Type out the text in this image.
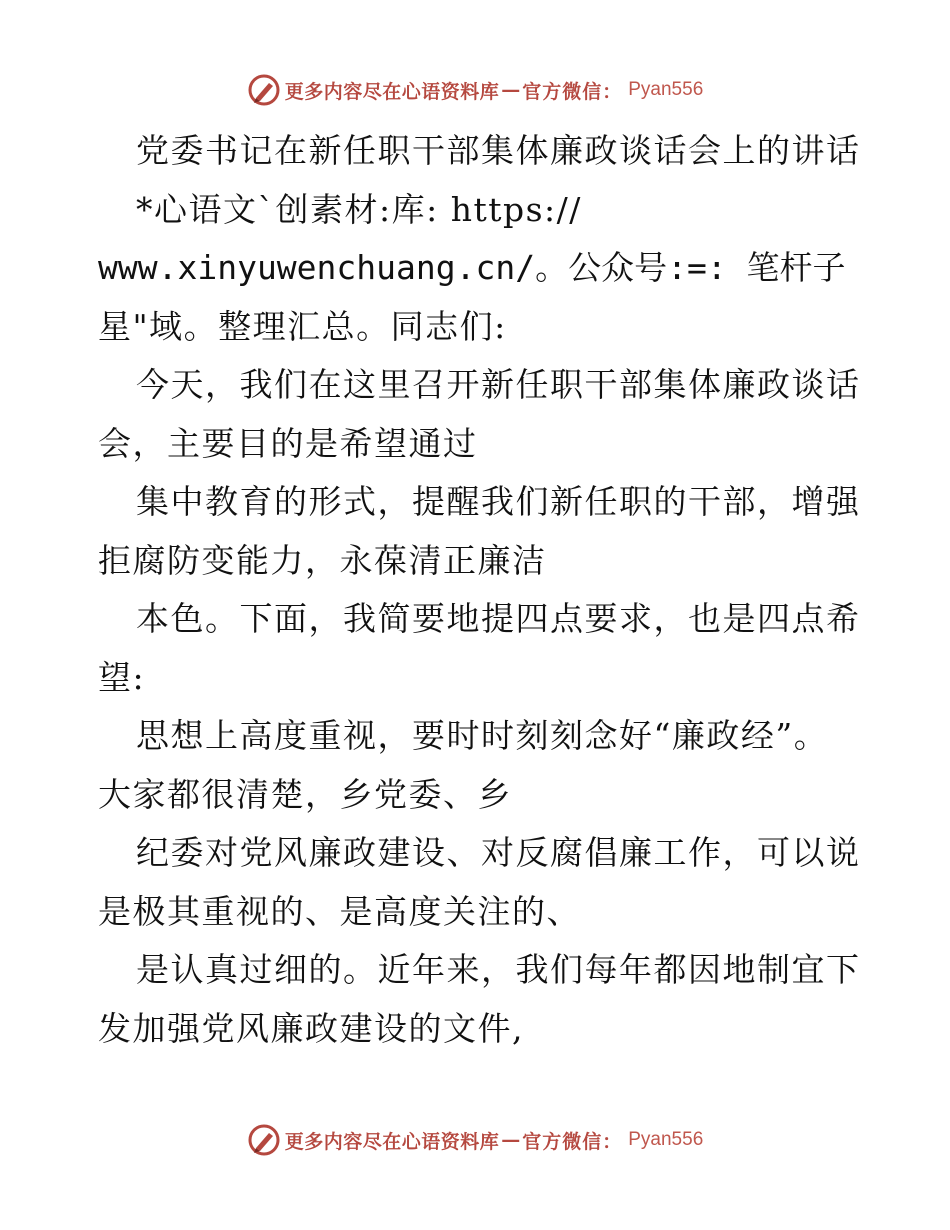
更多内容尽在心语资料库 — 官方微信： Pyan556
党委书记在新任职干部集体廉政谈话会上的讲话
*心语文ˋ创素材:库: https://
www.xinyuwenchuang.cn/。公众号:=: 笔杆子
星"域。整理汇总。同志们:
今天，我们在这里召开新任职干部集体廉政谈话
会，主要目的是希望通过
集中教育的形式，提醒我们新任职的干部，增强
拒腐防变能力，永葆清正廉洁
本色。下面，我简要地提四点要求，也是四点希
望:
思想上高度重视，要时时刻刻念好“廉政经”。
大家都很清楚，乡党委、乡
纪委对党风廉政建设、对反腐倡廉工作，可以说
是极其重视的、是高度关注的、
是认真过细的。近年来，我们每年都因地制宜下
发加强党风廉政建设的文件,
更多内容尽在心语资料库 — 官方微信： Pyan556
